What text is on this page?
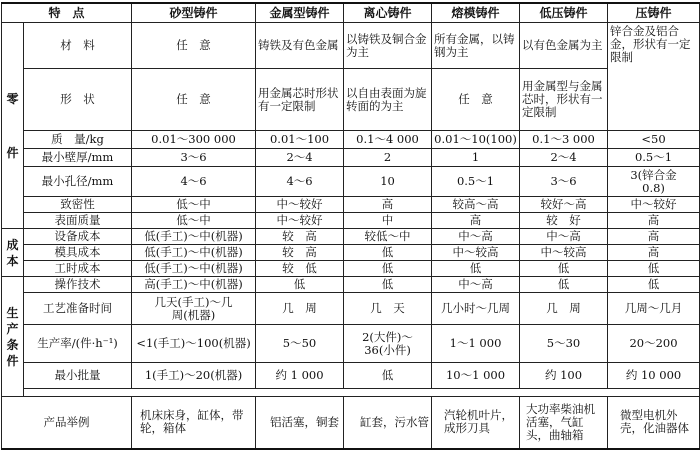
特　点		砂型铸件	金属型铸件	离心铸件	熔模铸件	低压铸件	压铸件
零

件	材　料	任　意	铸铁及有色金属	以铸铁及铜合金为主	所有金属，以铸钢为主	以有色金属为主	锌合金及铝合金，形状有一定限制
	形　状	任　意	用金属芯时形状有一定限制	以自由表面为旋转面的为主	任　意	用金属型与金属芯时，形状有一定限制	
	质　量/kg	0.01～300 000	0.01～100	0.1～4 000	0.01～10(100)	0.1～3 000	<50
	最小壁厚/mm	3～6	2～4	2	1	2～4	0.5～1
	最小孔径/mm	4～6	4～6	10	0.5～1	3～6	3(锌合金0.8)
	致密性	低～中	中～较好	高	较高～高	较好～高	中～较好
	表面质量	低～中	中～较好	中	高	较　好	高
成
本	设备成本	低(手工)～中(机器)	较　高	较低～中	中～高	中～高	高
	模具成本	低(手工)～中(机器)	较　高	低	中～较高	中～较高	高
	工时成本	低(手工)～中(机器)	较　低	低	低	低	低
生
产
条
件	操作技术	高(手工)～中(机器)	低	低	中～高	低	低
	工艺准备时间	几天(手工)～几周(机器)	几　周	几　天	几小时～几周	几　周	几周～几月
	生产率/(件·h⁻¹)	<1(手工)～100(机器)	5～50	2(大件)～36(小件)	1～1 000	5～30	20～200
	最小批量	1(手工)～20(机器)	约 1 000	低	10～1 000	约 100	约 10 000

产品举例		机床床身，缸体，带轮，箱体	铝活塞，铜套	缸套，污水管	汽轮机叶片，成形刀具	大功率柴油机活塞，气缸头，曲轴箱	微型电机外壳，化油器体
